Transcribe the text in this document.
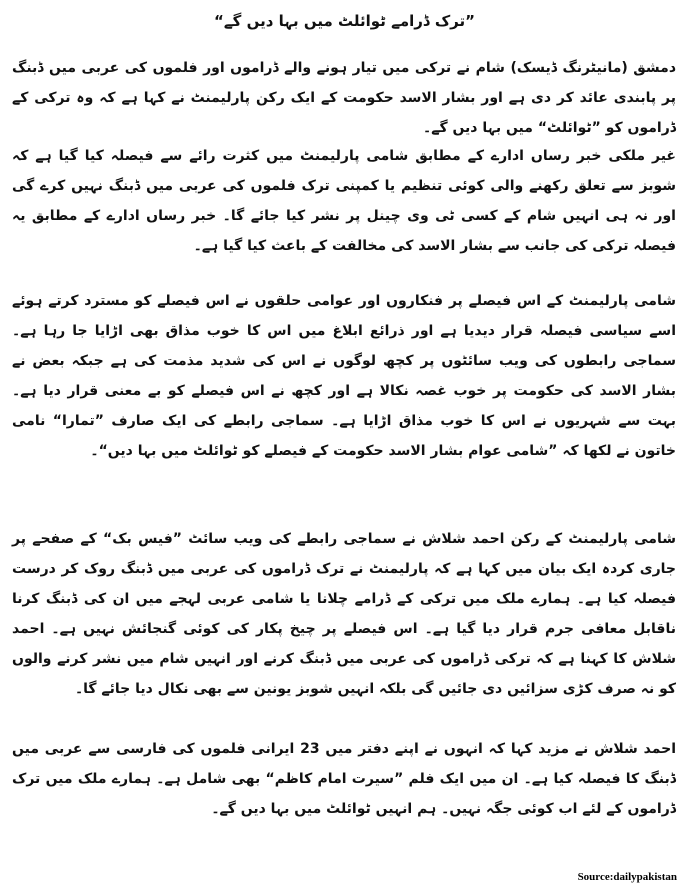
”ترک ڈرامے ٹوائلٹ میں بہا دیں گے“

دمشق (مانیٹرنگ ڈیسک) شام نے ترکی میں تیار ہونے والے ڈراموں اور فلموں کی عربی میں ڈبنگ پر پابندی عائد کر دی ہے اور بشار الاسد حکومت کے ایک رکن پارلیمنٹ نے کہا ہے کہ وہ ترکی کے ڈراموں کو ”ٹوائلٹ“ میں بہا دیں گے۔

غیر ملکی خبر رساں ادارے کے مطابق شامی پارلیمنٹ میں کثرت رائے سے فیصلہ کیا گیا ہے کہ شوبز سے تعلق رکھنے والی کوئی تنظیم یا کمپنی ترک فلموں کی عربی میں ڈبنگ نہیں کرے گی اور نہ ہی انہیں شام کے کسی ٹی وی چینل پر نشر کیا جائے گا۔ خبر رساں ادارے کے مطابق یہ فیصلہ ترکی کی جانب سے بشار الاسد کی مخالفت کے باعث کیا گیا ہے۔

شامی پارلیمنٹ کے اس فیصلے پر فنکاروں اور عوامی حلقوں نے اس فیصلے کو مسترد کرتے ہوئے اسے سیاسی فیصلہ قرار دیدیا ہے اور ذرائع ابلاغ میں اس کا خوب مذاق بھی اڑایا جا رہا ہے۔ سماجی رابطوں کی ویب سائٹوں پر کچھ لوگوں نے اس کی شدید مذمت کی ہے جبکہ بعض نے بشار الاسد کی حکومت پر خوب غصہ نکالا ہے اور کچھ نے اس فیصلے کو بے معنی قرار دیا ہے۔ بہت سے شہریوں نے اس کا خوب مذاق اڑایا ہے۔ سماجی رابطے کی ایک صارف ”تمارا“ نامی خاتون نے لکھا کہ ”شامی عوام بشار الاسد حکومت کے فیصلے کو ٹوائلٹ میں بہا دیں“۔

شامی پارلیمنٹ کے رکن احمد شلاش نے سماجی رابطے کی ویب سائٹ ”فیس بک“ کے صفحے پر جاری کردہ ایک بیان میں کہا ہے کہ پارلیمنٹ نے ترک ڈراموں کی عربی میں ڈبنگ روک کر درست فیصلہ کیا ہے۔ ہمارے ملک میں ترکی کے ڈرامے چلانا یا شامی عربی لہجے میں ان کی ڈبنگ کرنا ناقابل معافی جرم قرار دیا گیا ہے۔ اس فیصلے پر چیخ پکار کی کوئی گنجائش نہیں ہے۔ احمد شلاش کا کہنا ہے کہ ترکی ڈراموں کی عربی میں ڈبنگ کرنے اور انہیں شام میں نشر کرنے والوں کو نہ صرف کڑی سزائیں دی جائیں گی بلکہ انہیں شوبز یونین سے بھی نکال دیا جائے گا۔

احمد شلاش نے مزید کہا کہ انہوں نے اپنے دفتر میں 23 ایرانی فلموں کی فارسی سے عربی میں ڈبنگ کا فیصلہ کیا ہے۔ ان میں ایک فلم ”سیرت امام کاظم“ بھی شامل ہے۔ ہمارے ملک میں ترک ڈراموں کے لئے اب کوئی جگہ نہیں۔ ہم انہیں ٹوائلٹ میں بہا دیں گے۔

Source:dailypakistan
